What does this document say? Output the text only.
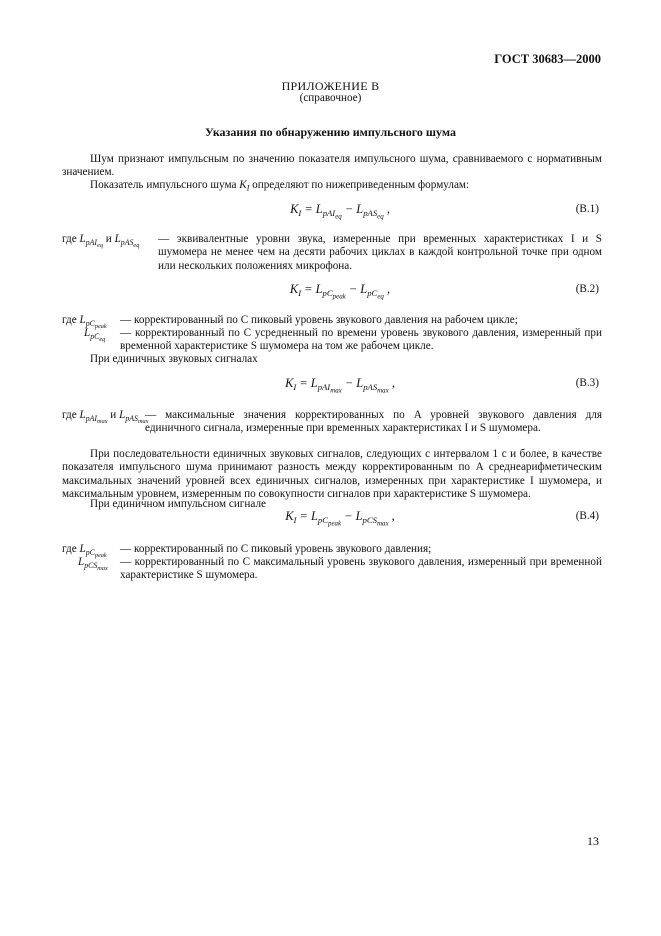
ГОСТ 30683—2000
ПРИЛОЖЕНИЕ В
(справочное)
Указания по обнаружению импульсного шума
Шум признают импульсным по значению показателя импульсного шума, сравниваемого с нормативным значением.
Показатель импульсного шума $K_I$ определяют по нижеприведенным формулам:
$K_I = L_{pAI_{eq}} - L_{pAS_{eq}}$ ,	(В.1)
где $L_{pAI_{eq}}$ и $L_{pAS_{eq}}$
— эквивалентные уровни звука, измеренные при временных характеристиках I и S шумомера не менее чем на десяти рабочих циклах в каждой контрольной точке при одном или нескольких положениях микрофона.
$K_I = L_{pC_{peak}} - L_{pC_{eq}}$ ,	(В.2)
где $L_{pC_{peak}}$
— корректированный по C пиковый уровень звукового давления на рабочем цикле;
$L_{pC_{eq}}$
— корректированный по C усредненный по времени уровень звукового давления, измеренный при временной характеристике S шумомера на том же рабочем цикле.
При единичных звуковых сигналах
$K_I = L_{pAI_{max}} - L_{pAS_{max}}$ ,	(В.3)
где $L_{pAI_{max}}$ и $L_{pAS_{max}}$
— максимальные значения корректированных по A уровней звукового давления для единичного сигнала, измеренные при временных характеристиках I и S шумомера.
При последовательности единичных звуковых сигналов, следующих с интервалом 1 с и более, в качестве показателя импульсного шума принимают разность между корректированным по A среднеарифметическим максимальных значений уровней всех единичных сигналов, измеренных при характеристике I шумомера, и максимальным уровнем, измеренным по совокупности сигналов при характеристике S шумомера.
При единичном импульсном сигнале
$K_I = L_{pC_{peak}} - L_{pCS_{max}}$ ,	(В.4)
где $L_{pC_{peak}}$
— корректированный по C пиковый уровень звукового давления;
$L_{pCS_{max}}$
— корректированный по C максимальный уровень звукового давления, измеренный при временной характеристике S шумомера.
13
